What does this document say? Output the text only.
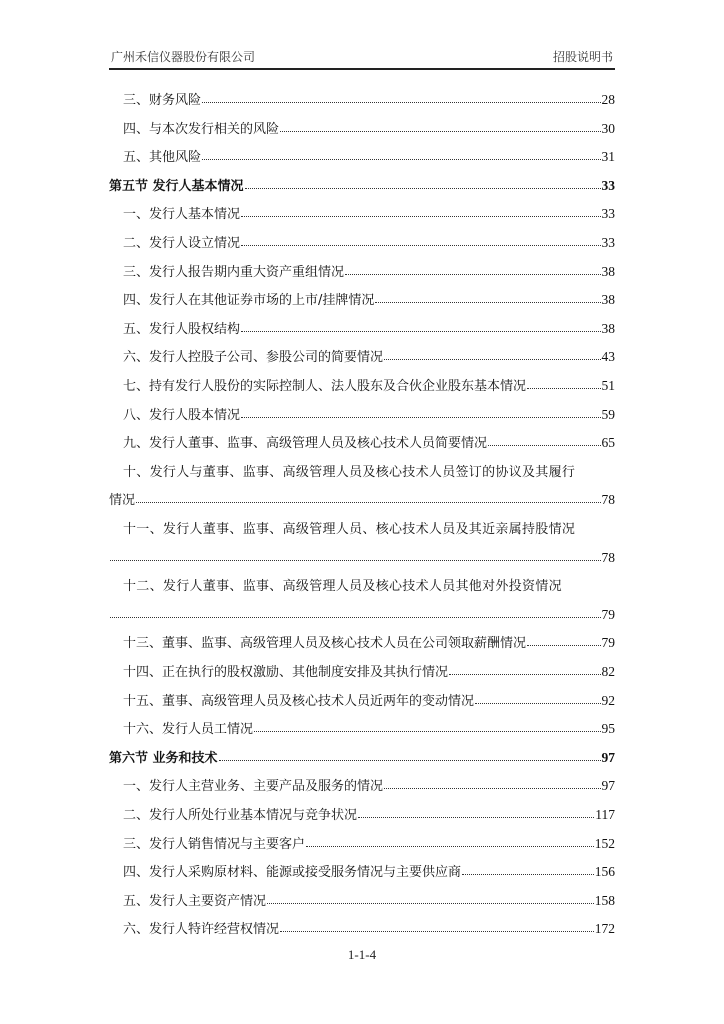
广州禾信仪器股份有限公司	招股说明书
三、财务风险	28
四、与本次发行相关的风险	30
五、其他风险	31
第五节 发行人基本情况	33
一、发行人基本情况	33
二、发行人设立情况	33
三、发行人报告期内重大资产重组情况	38
四、发行人在其他证券市场的上市/挂牌情况	38
五、发行人股权结构	38
六、发行人控股子公司、参股公司的简要情况	43
七、持有发行人股份的实际控制人、法人股东及合伙企业股东基本情况	51
八、发行人股本情况	59
九、发行人董事、监事、高级管理人员及核心技术人员简要情况	65
十、发行人与董事、监事、高级管理人员及核心技术人员签订的协议及其履行
情况	78
十一、发行人董事、监事、高级管理人员、核心技术人员及其近亲属持股情况
78
十二、发行人董事、监事、高级管理人员及核心技术人员其他对外投资情况
79
十三、董事、监事、高级管理人员及核心技术人员在公司领取薪酬情况	79
十四、正在执行的股权激励、其他制度安排及其执行情况	82
十五、董事、高级管理人员及核心技术人员近两年的变动情况	92
十六、发行人员工情况	95
第六节 业务和技术	97
一、发行人主营业务、主要产品及服务的情况	97
二、发行人所处行业基本情况与竞争状况	117
三、发行人销售情况与主要客户	152
四、发行人采购原材料、能源或接受服务情况与主要供应商	156
五、发行人主要资产情况	158
六、发行人特许经营权情况	172
1-1-4
